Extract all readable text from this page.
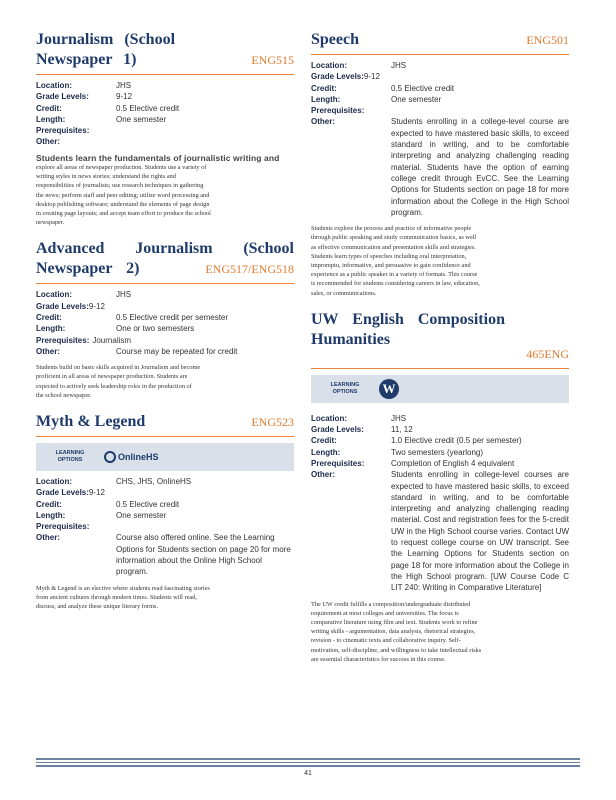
Journalism (School Newspaper 1)	ENG515
Location:	JHS
Grade Levels:	9-12
Credit:	0.5 Elective credit
Length:	One semester
Prerequisites:
Other:
Students learn the fundamentals of journalistic writing and
explore all areas of newspaper production. Students use a variety of writing styles in news stories; understand the rights and responsibilities of journalists; use research techniques in gathering the news; perform staff and peer editing; utilize word processing and desktop publishing software; understand the elements of page design in creating page layouts; and accept team effort to produce the school newspaper.
Advanced Journalism (School
Newspaper 2)	ENG517/ENG518
Location:	JHS
Grade Levels: 9-12
Credit:	0.5 Elective credit per semester
Length:	One or two semesters
Prerequisites: Journalism
Other:	Course may be repeated for credit
Students build on basic skills acquired in Journalism and become proficient in all areas of newspaper production. Students are expected to actively seek leadership roles in the production of the school newspaper.
Myth & Legend	ENG523
LEARNING OPTIONS	OnlineHS
Location:	CHS, JHS, OnlineHS
Grade Levels: 9-12
Credit:	0.5 Elective credit
Length:	One semester
Prerequisites:
Other:	Course also offered online. See the Learning Options for Students section on page 20 for more information about the Online High School program.
Myth & Legend is an elective where students read fascinating stories from ancient cultures through modern times. Students will read, discuss, and analyze these unique literary forms.
Speech	ENG501
Location:	JHS
Grade Levels: 9-12
Credit:	0.5 Elective credit
Length:	One semester
Prerequisites:
Other:	Students enrolling in a college-level course are expected to have mastered basic skills, to exceed standard in writing, and to be comfortable interpreting and analyzing challenging reading material. Students have the option of earning college credit through EvCC. See the Learning Options for Students section on page 18 for more information about the College in the High School program.
Students explore the process and practice of informative people through public speaking and study communication basics, as well as effective communication and presentation skills and strategies. Students learn types of speeches including oral interpretation, impromptu, informative, and persuasive to gain confidence and experience as a public speaker in a variety of formats. This course is recommended for students considering careers in law, education, sales, or communications.
UW English Composition Humanities
465ENG
LEARNING OPTIONS	W
Location:	JHS
Grade Levels:	11, 12
Credit:	1.0 Elective credit (0.5 per semester)
Length:	Two semesters (yearlong)
Prerequisites:	Completion of English 4 equivalent
Other:	Students enrolling in college-level courses are expected to have mastered basic skills, to exceed standard in writing, and to be comfortable interpreting and analyzing challenging reading material. Cost and registration fees for the 5-credit UW in the High School course varies. Contact UW to request college course on UW transcript. See the Learning Options for Students section on page 18 for more information about the College in the High School program. [UW Course Code C LIT 240: Writing in Comparative Literature]
The UW credit fulfills a composition/undergraduate distributed requirement at most colleges and universities. The focus is comparative literature using film and text. Students work to refine writing skills - argumentation, data analysis, rhetorical strategies, revision - to cinematic texts and collaborative inquiry. Self-motivation, self-discipline, and willingness to take intellectual risks are essential characteristics for success in this course.
41
